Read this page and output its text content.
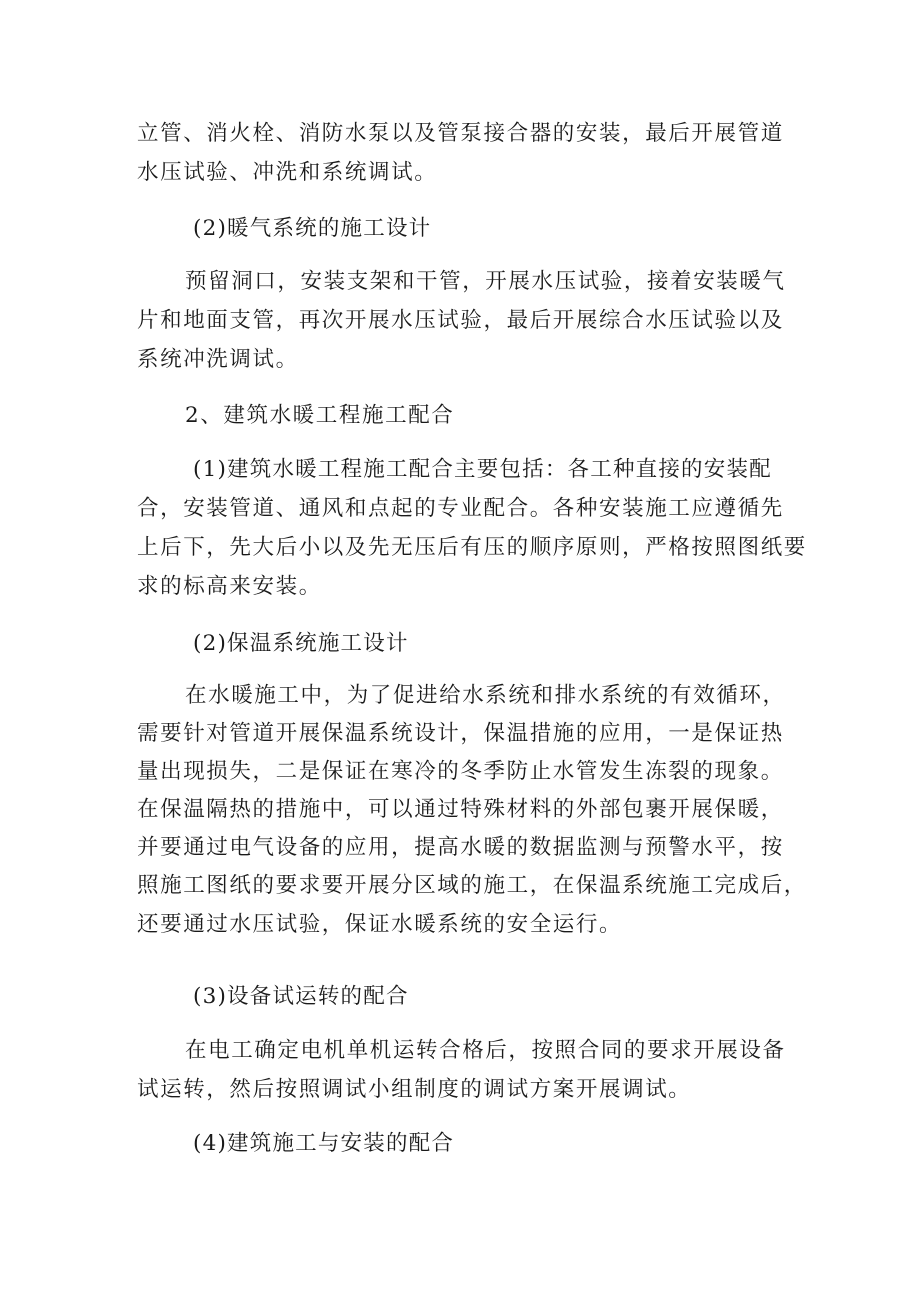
立管、消火栓、消防水泵以及管泵接合器的安装，最后开展管道
水压试验、冲洗和系统调试。
(2)暖气系统的施工设计
预留洞口，安装支架和干管，开展水压试验，接着安装暖气
片和地面支管，再次开展水压试验，最后开展综合水压试验以及
系统冲洗调试。
2、建筑水暖工程施工配合
(1)建筑水暖工程施工配合主要包括：各工种直接的安装配
合，安装管道、通风和点起的专业配合。各种安装施工应遵循先
上后下，先大后小以及先无压后有压的顺序原则，严格按照图纸要
求的标高来安装。
(2)保温系统施工设计
在水暖施工中，为了促进给水系统和排水系统的有效循环，
需要针对管道开展保温系统设计，保温措施的应用，一是保证热
量出现损失，二是保证在寒冷的冬季防止水管发生冻裂的现象。
在保温隔热的措施中，可以通过特殊材料的外部包裹开展保暖，
并要通过电气设备的应用，提高水暖的数据监测与预警水平，按
照施工图纸的要求要开展分区域的施工，在保温系统施工完成后，
还要通过水压试验，保证水暖系统的安全运行。
(3)设备试运转的配合
在电工确定电机单机运转合格后，按照合同的要求开展设备
试运转，然后按照调试小组制度的调试方案开展调试。
(4)建筑施工与安装的配合
